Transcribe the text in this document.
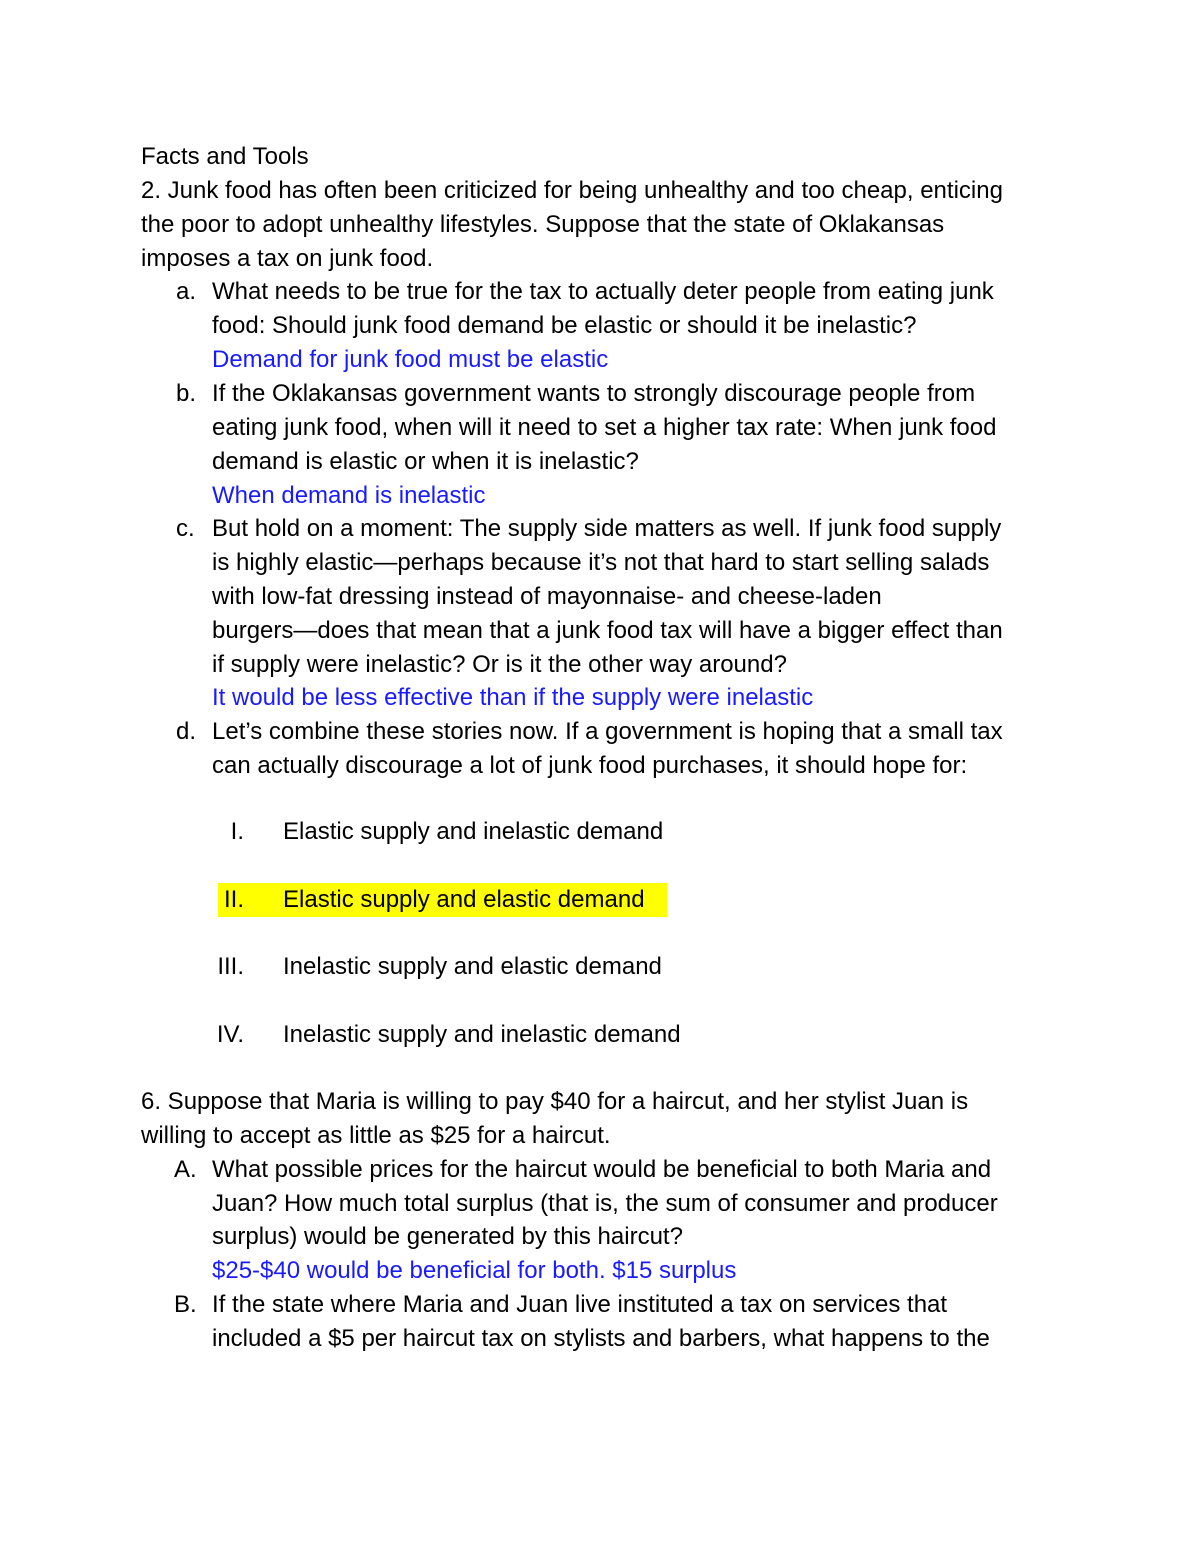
Facts and Tools
2. Junk food has often been criticized for being unhealthy and too cheap, enticing
the poor to adopt unhealthy lifestyles. Suppose that the state of Oklakansas
imposes a tax on junk food.
a. What needs to be true for the tax to actually deter people from eating junk
food: Should junk food demand be elastic or should it be inelastic?
Demand for junk food must be elastic
b. If the Oklakansas government wants to strongly discourage people from
eating junk food, when will it need to set a higher tax rate: When junk food
demand is elastic or when it is inelastic?
When demand is inelastic
c. But hold on a moment: The supply side matters as well. If junk food supply
is highly elastic—perhaps because it’s not that hard to start selling salads
with low-fat dressing instead of mayonnaise- and cheese-laden
burgers—does that mean that a junk food tax will have a bigger effect than
if supply were inelastic? Or is it the other way around?
It would be less effective than if the supply were inelastic
d. Let’s combine these stories now. If a government is hoping that a small tax
can actually discourage a lot of junk food purchases, it should hope for:
I. Elastic supply and inelastic demand
II. Elastic supply and elastic demand
III. Inelastic supply and elastic demand
IV. Inelastic supply and inelastic demand
6. Suppose that Maria is willing to pay $40 for a haircut, and her stylist Juan is
willing to accept as little as $25 for a haircut.
A. What possible prices for the haircut would be beneficial to both Maria and
Juan? How much total surplus (that is, the sum of consumer and producer
surplus) would be generated by this haircut?
$25-$40 would be beneficial for both. $15 surplus
B. If the state where Maria and Juan live instituted a tax on services that
included a $5 per haircut tax on stylists and barbers, what happens to the
